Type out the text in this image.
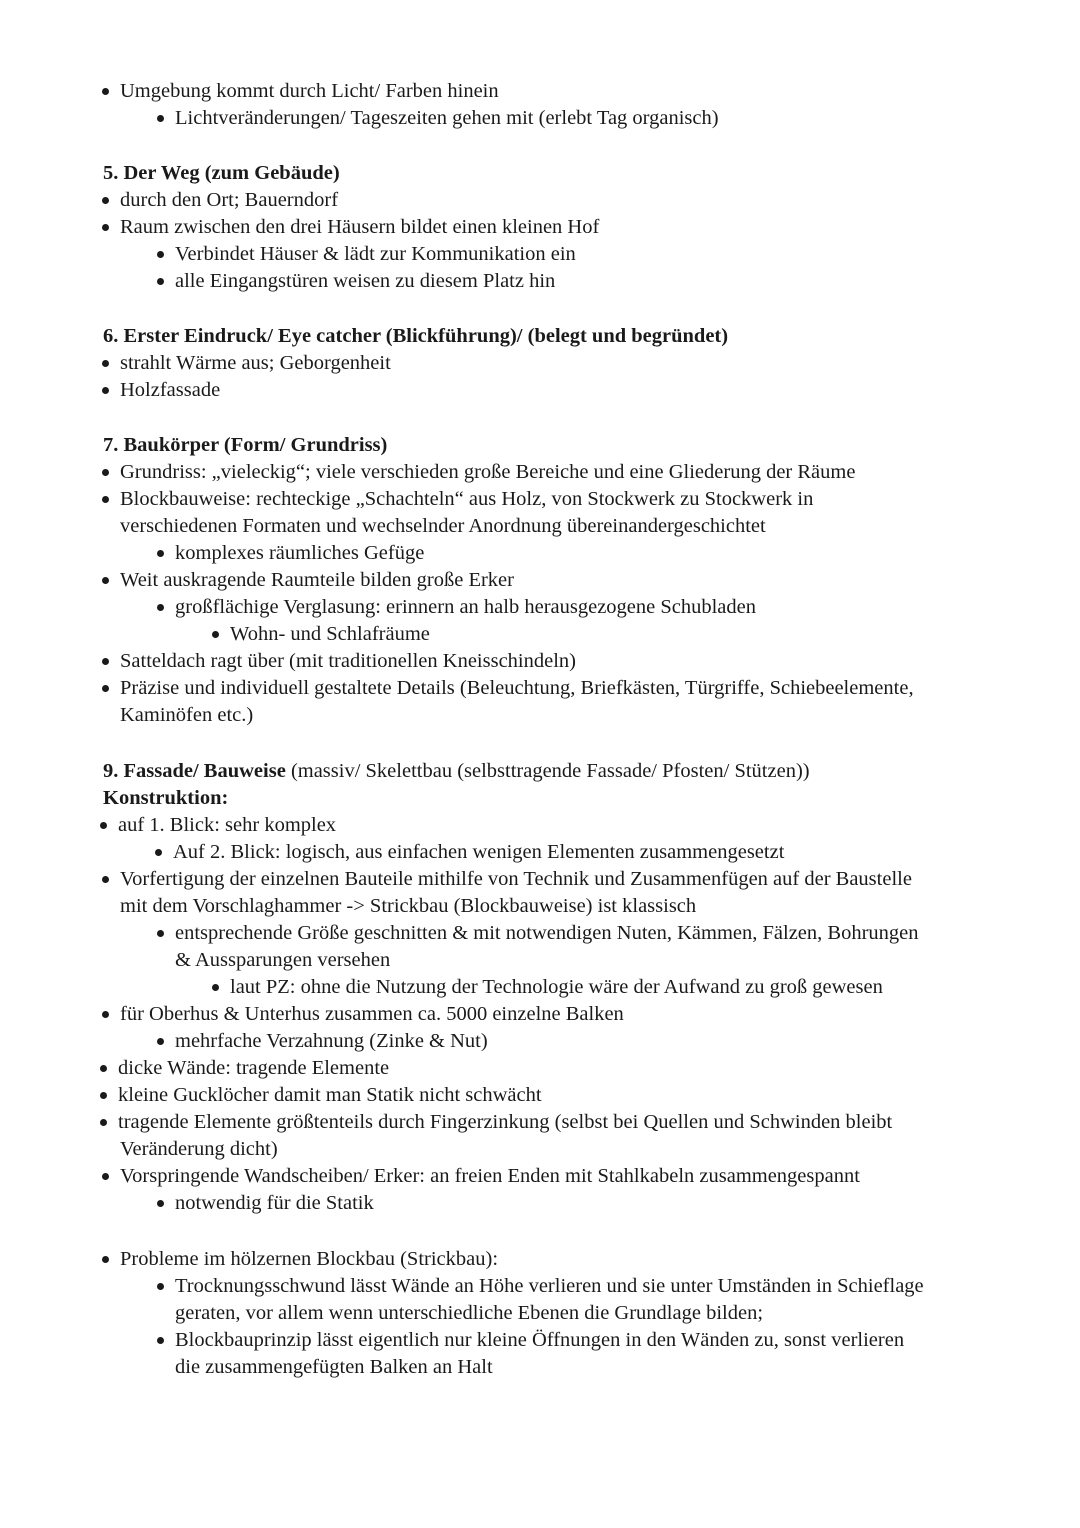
Umgebung kommt durch Licht/ Farben hinein
Lichtveränderungen/ Tageszeiten gehen mit (erlebt Tag organisch)
5. Der Weg (zum Gebäude)
durch den Ort; Bauerndorf
Raum zwischen den drei Häusern bildet einen kleinen Hof
Verbindet Häuser & lädt zur Kommunikation ein
alle Eingangstüren weisen zu diesem Platz hin
6. Erster Eindruck/ Eye catcher (Blickführung)/ (belegt und begründet)
strahlt Wärme aus; Geborgenheit
Holzfassade
7. Baukörper (Form/ Grundriss)
Grundriss: „vieleckig“; viele verschieden große Bereiche und eine Gliederung der Räume
Blockbauweise: rechteckige „Schachteln“ aus Holz, von Stockwerk zu Stockwerk in
verschiedenen Formaten und wechselnder Anordnung übereinandergeschichtet
komplexes räumliches Gefüge
Weit auskragende Raumteile bilden große Erker
großflächige Verglasung: erinnern an halb herausgezogene Schubladen
Wohn- und Schlafräume
Satteldach ragt über (mit traditionellen Kneisschindeln)
Präzise und individuell gestaltete Details (Beleuchtung, Briefkästen, Türgriffe, Schiebeelemente,
Kaminöfen etc.)
9. Fassade/ Bauweise (massiv/ Skelettbau (selbsttragende Fassade/ Pfosten/ Stützen))
Konstruktion:
auf 1. Blick: sehr komplex
Auf 2. Blick: logisch, aus einfachen wenigen Elementen zusammengesetzt
Vorfertigung der einzelnen Bauteile mithilfe von Technik und Zusammenfügen auf der Baustelle
mit dem Vorschlaghammer -> Strickbau (Blockbauweise) ist klassisch
entsprechende Größe geschnitten & mit notwendigen Nuten, Kämmen, Fälzen, Bohrungen
& Aussparungen versehen
laut PZ: ohne die Nutzung der Technologie wäre der Aufwand zu groß gewesen
für Oberhus & Unterhus zusammen ca. 5000 einzelne Balken
mehrfache Verzahnung (Zinke & Nut)
dicke Wände: tragende Elemente
kleine Gucklöcher damit man Statik nicht schwächt
tragende Elemente größtenteils durch Fingerzinkung (selbst bei Quellen und Schwinden bleibt
Veränderung dicht)
Vorspringende Wandscheiben/ Erker: an freien Enden mit Stahlkabeln zusammengespannt
notwendig für die Statik
Probleme im hölzernen Blockbau (Strickbau):
Trocknungsschwund lässt Wände an Höhe verlieren und sie unter Umständen in Schieflage
geraten, vor allem wenn unterschiedliche Ebenen die Grundlage bilden;
Blockbauprinzip lässt eigentlich nur kleine Öffnungen in den Wänden zu, sonst verlieren
die zusammengefügten Balken an Halt
